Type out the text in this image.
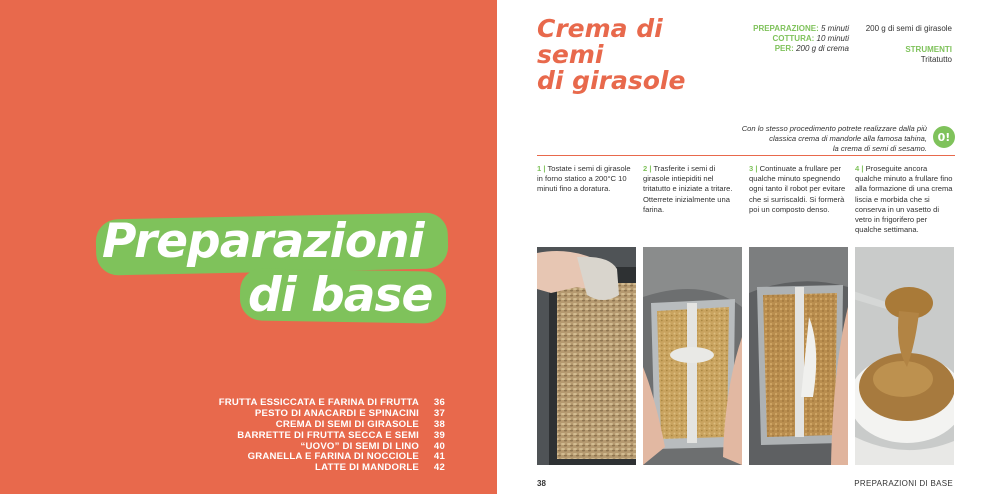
Preparazioni
di base
FRUTTA ESSICCATA E FARINA DI FRUTTA	36
PESTO DI ANACARDI E SPINACINI	37
CREMA DI SEMI DI GIRASOLE	38
BARRETTE DI FRUTTA SECCA E SEMI	39
“UOVO” DI SEMI DI LINO	40
GRANELLA E FARINA DI NOCCIOLE	41
LATTE DI MANDORLE	42
Crema di semi
di girasole
PREPARAZIONE: 5 minuti
COTTURA: 10 minuti
PER: 200 g di crema
200 g di semi di girasole
STRUMENTI
Tritatutto
Con lo stesso procedimento potrete realizzare dalla più
classica crema di mandorle alla famosa tahina,
la crema di semi di sesamo.
0!
1 | Tostate i semi di girasole in forno statico a 200°C 10 minuti fino a doratura.
2 | Trasferite i semi di girasole intiepiditi nel tritatutto e iniziate a tritare. Otterrete inizialmente una farina.
3 | Continuate a frullare per qualche minuto spegnendo ogni tanto il robot per evitare che si surriscaldi. Si formerà poi un composto denso.
4 | Proseguite ancora qualche minuto a frullare fino alla formazione di una crema liscia e morbida che si conserva in un vasetto di vetro in frigorifero per qualche settimana.
38	PREPARAZIONI DI BASE
